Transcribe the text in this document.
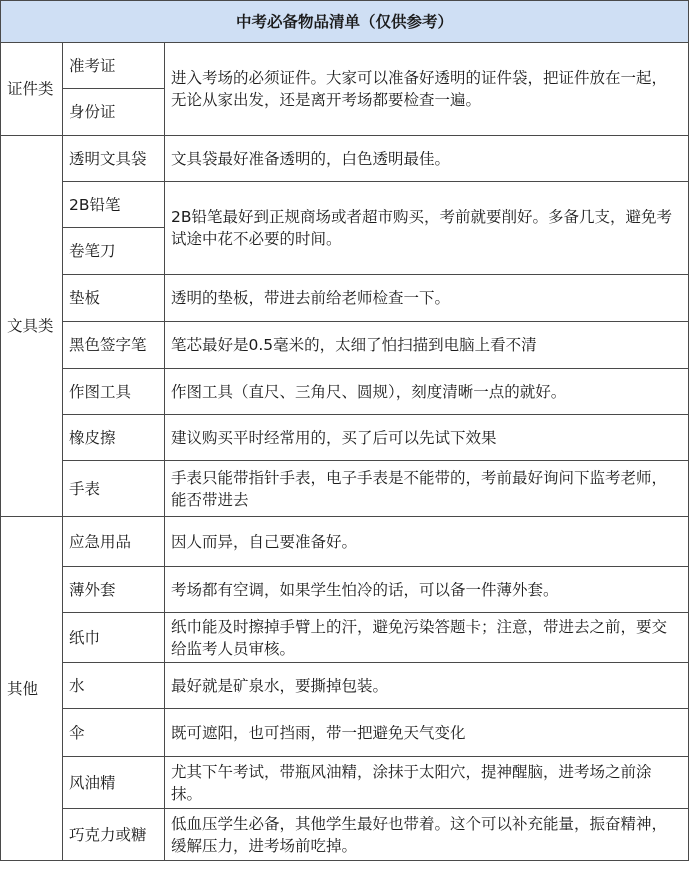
中考必备物品清单（仅供参考）		
证件类	准考证	进入考场的必须证件。大家可以准备好透明的证件袋，把证件放在一起，无论从家出发，还是离开考场都要检查一遍。
	身份证	
文具类	透明文具袋	文具袋最好准备透明的，白色透明最佳。
	2B铅笔	2B铅笔最好到正规商场或者超市购买，考前就要削好。多备几支，避免考试途中花不必要的时间。
	卷笔刀	
	垫板	透明的垫板，带进去前给老师检查一下。
	黑色签字笔	笔芯最好是0.5毫米的，太细了怕扫描到电脑上看不清
	作图工具	作图工具（直尺、三角尺、圆规），刻度清晰一点的就好。
	橡皮擦	建议购买平时经常用的，买了后可以先试下效果
	手表	手表只能带指针手表，电子手表是不能带的，考前最好询问下监考老师，能否带进去

其他	应急用品	因人而异，自己要准备好。
	薄外套	考场都有空调，如果学生怕冷的话，可以备一件薄外套。
	纸巾	纸巾能及时擦掉手臂上的汗，避免污染答题卡；注意，带进去之前，要交给监考人员审核。
	水	最好就是矿泉水，要撕掉包装。
	伞	既可遮阳，也可挡雨，带一把避免天气变化
	风油精	尤其下午考试，带瓶风油精，涂抹于太阳穴，提神醒脑，进考场之前涂抹。
	巧克力或糖	低血压学生必备，其他学生最好也带着。这个可以补充能量，振奋精神，缓解压力，进考场前吃掉。
